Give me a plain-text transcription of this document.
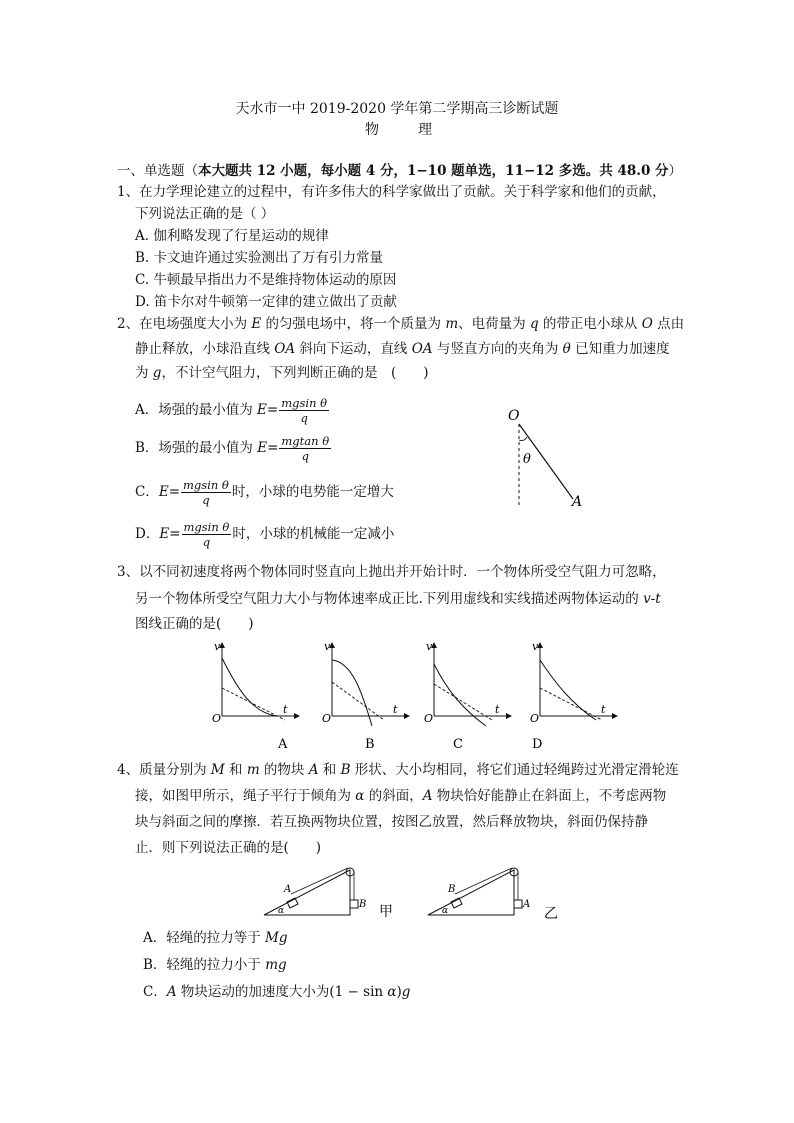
天水市一中 2019-2020 学年第二学期高三诊断试题
物	理
一、单选题（本大题共 12 小题，每小题 4 分，1−10 题单选，11−12 多选。共 48.0 分）
1、在力学理论建立的过程中，有许多伟大的科学家做出了贡献。关于科学家和他们的贡献，
下列说法正确的是（ ）
A. 伽利略发现了行星运动的规律
B. 卡文迪许通过实验测出了万有引力常量
C. 牛顿最早指出力不是维持物体运动的原因
D. 笛卡尔对牛顿第一定律的建立做出了贡献
2、在电场强度大小为 E 的匀强电场中，将一个质量为 m、电荷量为 q 的带正电小球从 O 点由
静止释放，小球沿直线 OA 斜向下运动，直线 OA 与竖直方向的夹角为 θ 已知重力加速度
为 g，不计空气阻力，下列判断正确的是　(　　)
A．场强的最小值为 $E= \frac{\text{mgsin θ}}{q}$
B．场强的最小值为 $E= \frac{\text{mgtan θ}}{q}$
C．$E= \frac{\text{mgsin θ}}{q}$ 时，小球的电势能一定增大
D．$E= \frac{\text{mgsin θ}}{q}$ 时，小球的机械能一定减小
O
θ
A
3、以不同初速度将两个物体同时竖直向上抛出并开始计时．一个物体所受空气阻力可忽略，
另一个物体所受空气阻力大小与物体速率成正比.下列用虚线和实线描述两物体运动的 v-t
图线正确的是(　　)
v
O
t
A
v
O
t
B
v
O
t
C
v
O
t
D
4、质量分别为 M 和 m 的物块 A 和 B 形状、大小均相同，将它们通过轻绳跨过光滑定滑轮连
接，如图甲所示，绳子平行于倾角为 α 的斜面，A 物块恰好能静止在斜面上，不考虑两物
块与斜面之间的摩擦．若互换两物块位置，按图乙放置，然后释放物块，斜面仍保持静
止．则下列说法正确的是(　　)
A
B
α	甲
B
A
α	乙
A．轻绳的拉力等于 Mg
B．轻绳的拉力小于 mg
C．A 物块运动的加速度大小为(1 − sin α)g
